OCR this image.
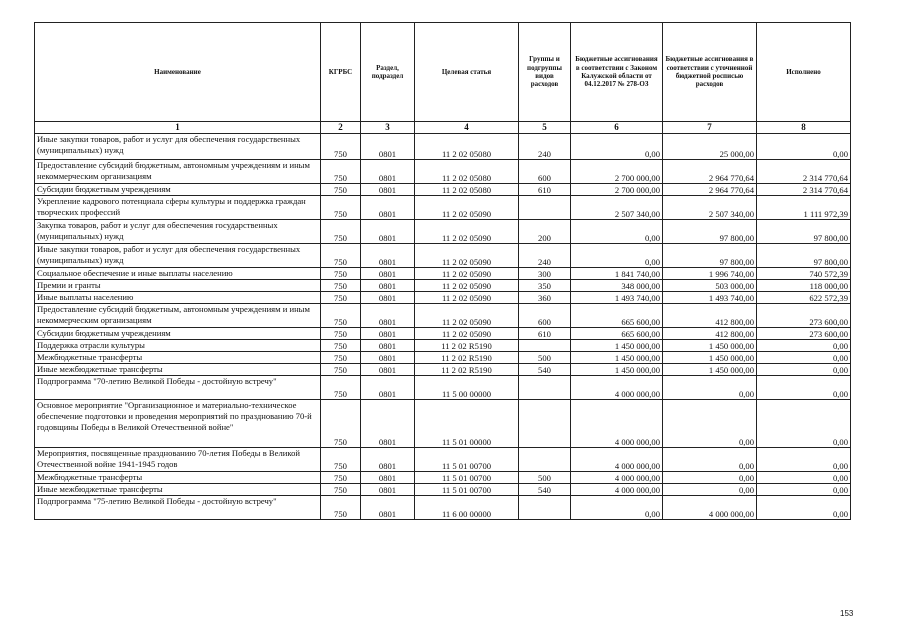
Наименование	КГРБС	Раздел, подраздел	Целевая статья	Группы и подгруппы видов расходов	Бюджетные ассигнования в соответствии с Законом Калужской области от 04.12.2017 № 278-ОЗ	Бюджетные ассигнования в соответствии с уточненной бюджетной росписью расходов	Исполнено
1	2	3	4	5	6	7	8
Иные закупки товаров, работ и услуг для обеспечения государственных (муниципальных) нужд	750	0801	11 2 02 05080	240	0,00	25 000,00	0,00
Предоставление субсидий бюджетным, автономным учреждениям и иным некоммерческим организациям	750	0801	11 2 02 05080	600	2 700 000,00	2 964 770,64	2 314 770,64
Субсидии бюджетным учреждениям	750	0801	11 2 02 05080	610	2 700 000,00	2 964 770,64	2 314 770,64
Укрепление кадрового потенциала сферы культуры и поддержка граждан творческих профессий	750	0801	11 2 02 05090		2 507 340,00	2 507 340,00	1 111 972,39
Закупка товаров, работ и услуг для обеспечения государственных (муниципальных) нужд	750	0801	11 2 02 05090	200	0,00	97 800,00	97 800,00
Иные закупки товаров, работ и услуг для обеспечения государственных (муниципальных) нужд	750	0801	11 2 02 05090	240	0,00	97 800,00	97 800,00
Социальное обеспечение и иные выплаты населению	750	0801	11 2 02 05090	300	1 841 740,00	1 996 740,00	740 572,39
Премии и гранты	750	0801	11 2 02 05090	350	348 000,00	503 000,00	118 000,00
Иные выплаты населению	750	0801	11 2 02 05090	360	1 493 740,00	1 493 740,00	622 572,39
Предоставление субсидий бюджетным, автономным учреждениям и иным некоммерческим организациям	750	0801	11 2 02 05090	600	665 600,00	412 800,00	273 600,00
Субсидии бюджетным учреждениям	750	0801	11 2 02 05090	610	665 600,00	412 800,00	273 600,00
Поддержка отрасли культуры	750	0801	11 2 02 R5190		1 450 000,00	1 450 000,00	0,00
Межбюджетные трансферты	750	0801	11 2 02 R5190	500	1 450 000,00	1 450 000,00	0,00
Иные межбюджетные трансферты	750	0801	11 2 02 R5190	540	1 450 000,00	1 450 000,00	0,00
Подпрограмма "70-летию Великой Победы - достойную встречу"	750	0801	11 5 00 00000		4 000 000,00	0,00	0,00
Основное мероприятие "Организационное и материально-техническое обеспечение подготовки и проведения мероприятий по празднованию 70-й годовщины Победы в Великой Отечественной войне"	750	0801	11 5 01 00000		4 000 000,00	0,00	0,00
Мероприятия, посвященные празднованию 70-летия Победы в Великой Отечественной войне 1941-1945 годов	750	0801	11 5 01 00700		4 000 000,00	0,00	0,00
Межбюджетные трансферты	750	0801	11 5 01 00700	500	4 000 000,00	0,00	0,00
Иные межбюджетные трансферты	750	0801	11 5 01 00700	540	4 000 000,00	0,00	0,00
Подпрограмма "75-летию Великой Победы - достойную встречу"	750	0801	11 6 00 00000		0,00	4 000 000,00	0,00
153
